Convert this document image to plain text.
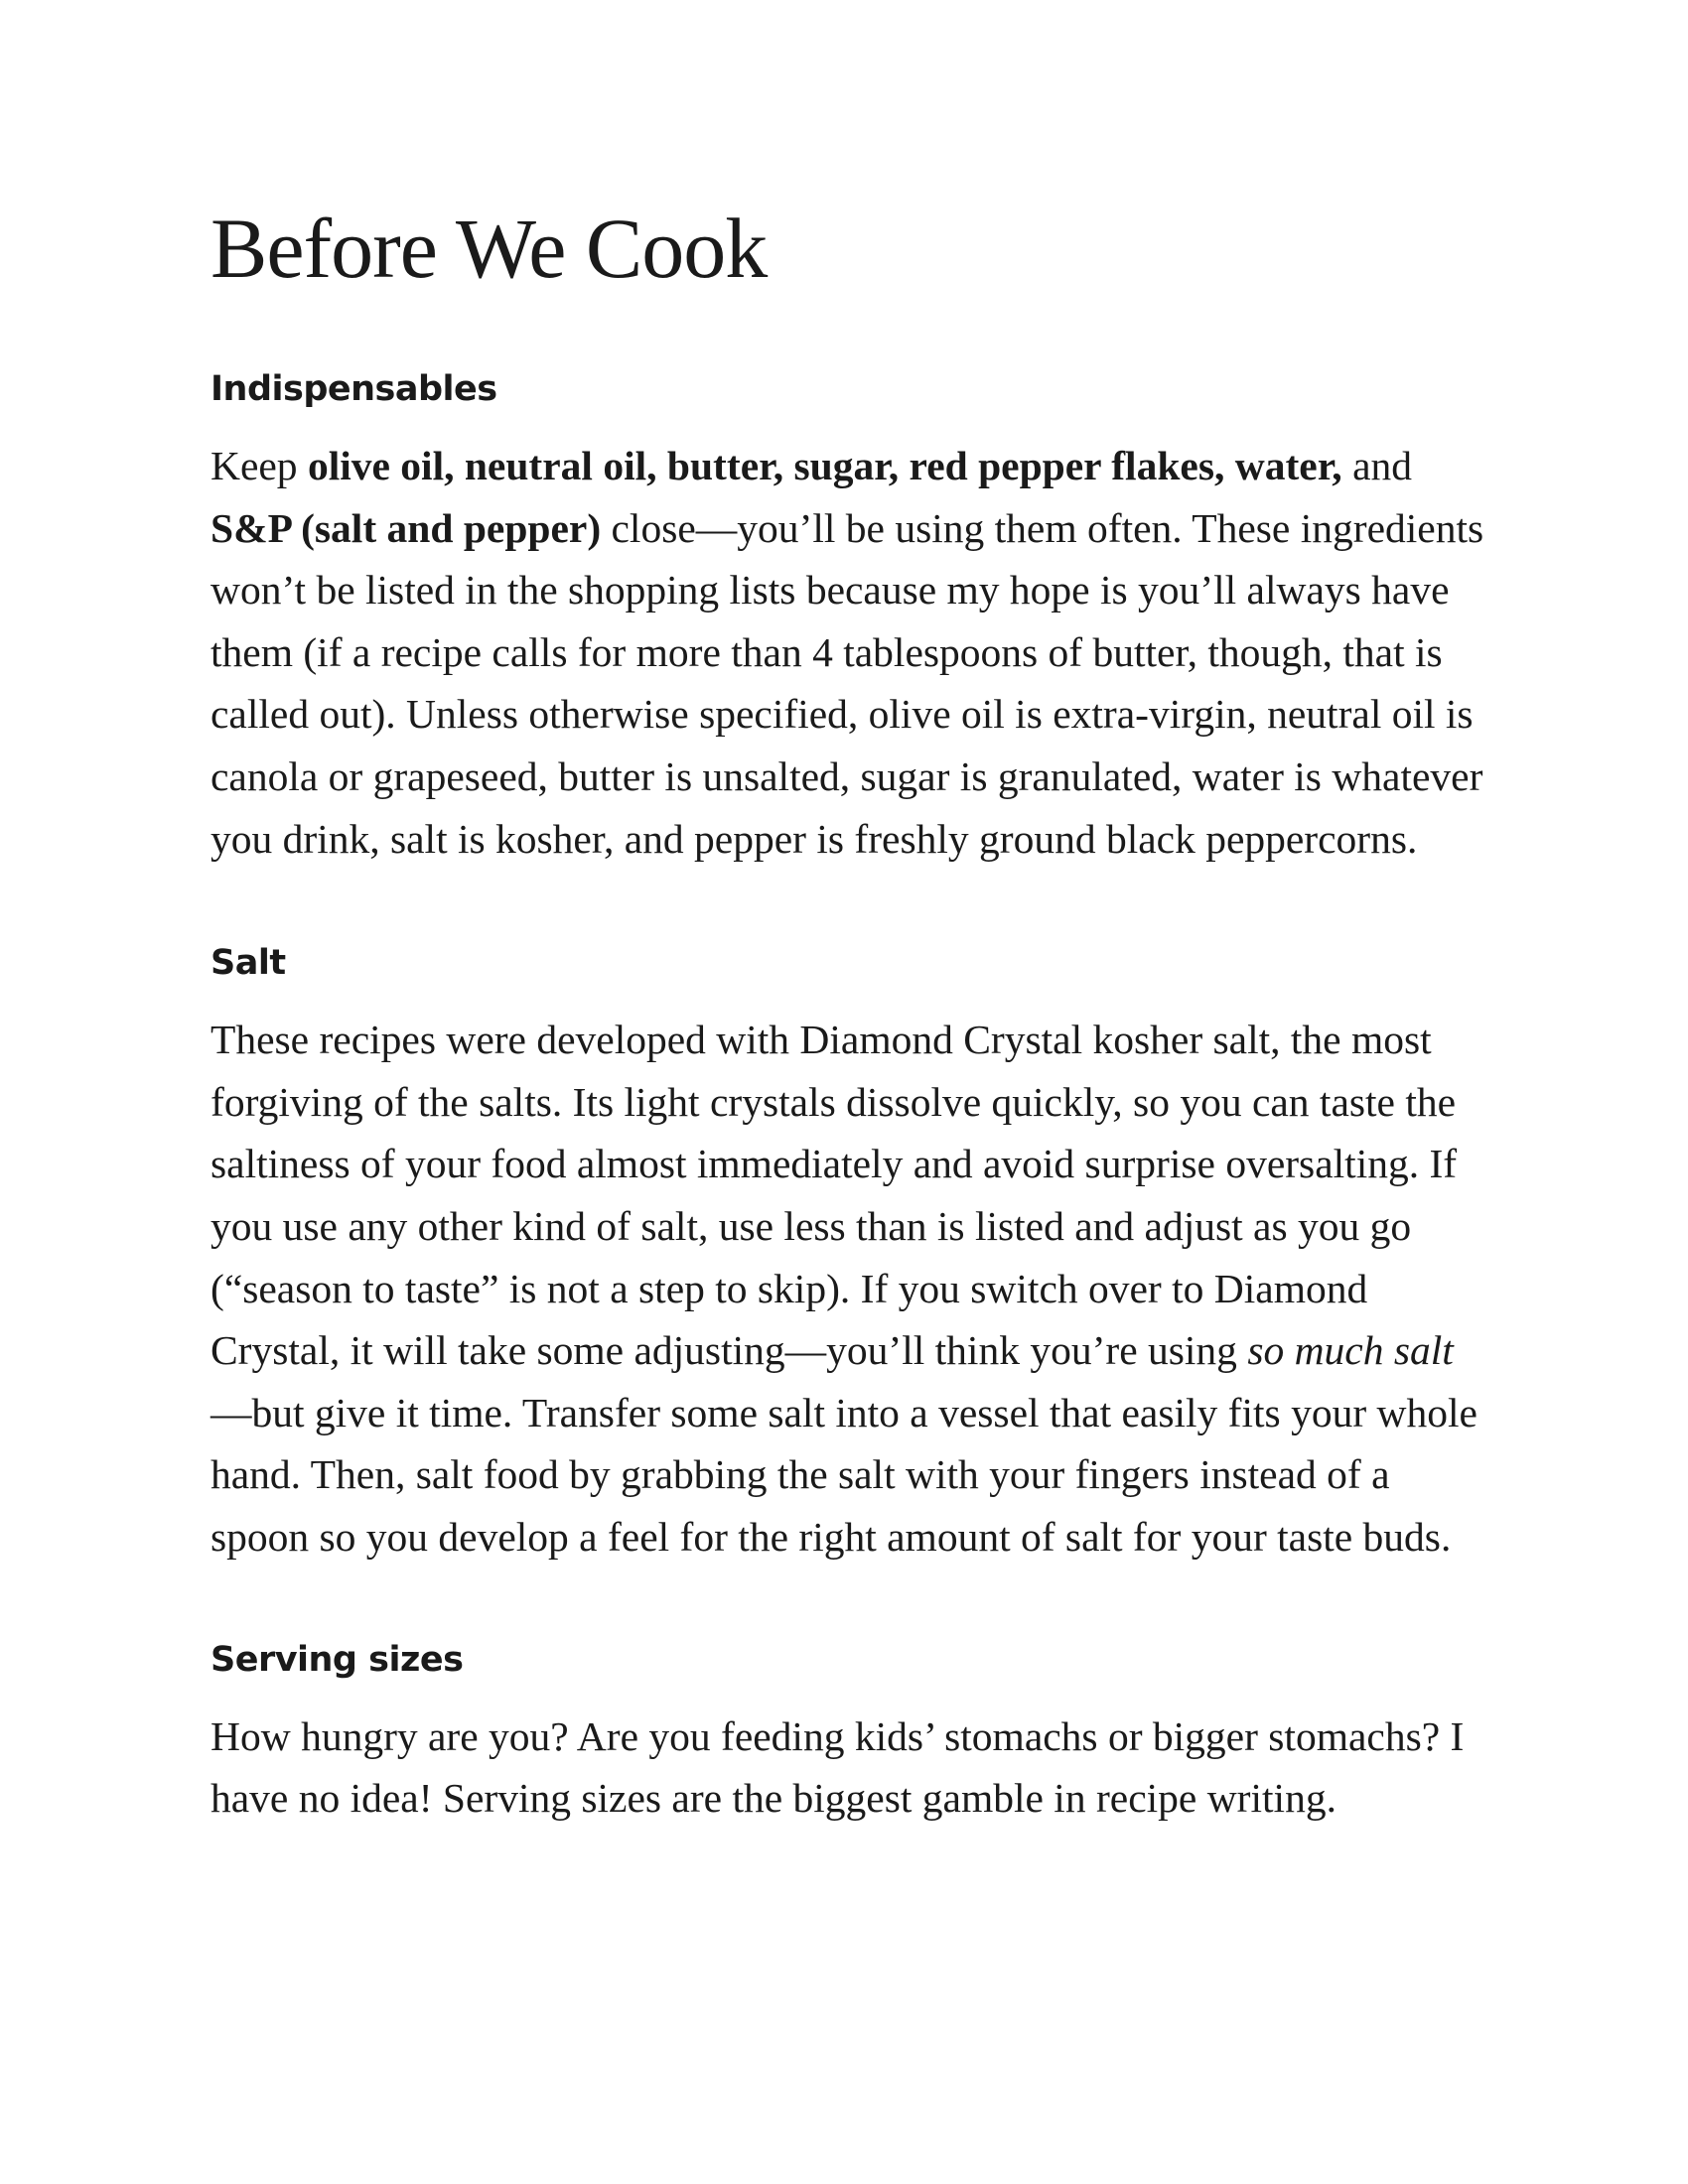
Before We Cook
Indispensables

Keep olive oil, neutral oil, butter, sugar, red pepper flakes, water, and S&P (salt and pepper) close—you’ll be using them often. These ingredients won’t be listed in the shopping lists because my hope is you’ll always have them (if a recipe calls for more than 4 tablespoons of butter, though, that is called out). Unless otherwise specified, olive oil is extra-virgin, neutral oil is canola or grapeseed, butter is unsalted, sugar is granulated, water is whatever you drink, salt is kosher, and pepper is freshly ground black peppercorns.

Salt

These recipes were developed with Diamond Crystal kosher salt, the most forgiving of the salts. Its light crystals dissolve quickly, so you can taste the saltiness of your food almost immediately and avoid surprise oversalting. If you use any other kind of salt, use less than is listed and adjust as you go (“season to taste” is not a step to skip). If you switch over to Diamond Crystal, it will take some adjusting—you’ll think you’re using so much salt—but give it time. Transfer some salt into a vessel that easily fits your whole hand. Then, salt food by grabbing the salt with your fingers instead of a spoon so you develop a feel for the right amount of salt for your taste buds.

Serving sizes

How hungry are you? Are you feeding kids’ stomachs or bigger stomachs? I have no idea! Serving sizes are the biggest gamble in recipe writing.
